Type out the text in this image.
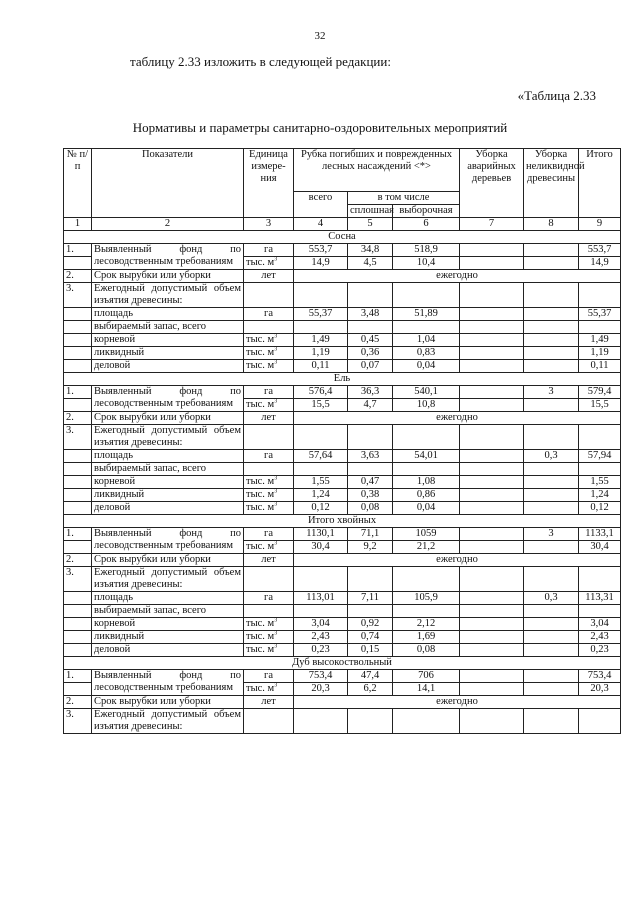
32
таблицу 2.33 изложить в следующей редакции:
«Таблица 2.33
Нормативы и параметры санитарно-оздоровительных мероприятий
№ п/п	Показатели	Единица измере-ния	Рубка погибших и поврежденных лесных насаждений <*>			Уборка аварийных деревьев	Уборка неликвидной древесины	Итого
			всего	в том числе				
				сплошная	выборочная			
1	2	3	4	5	6	7	8	9
Сосна								
1.	Выявленный фонд по лесоводственным требованиям	га	553,7	34,8	518,9			553,7
		тыс. $м^3$	14,9	4,5	10,4			14,9
2.	Срок вырубки или уборки	лет	ежегодно					
3.	Ежегодный допустимый объем изъятия древесины:							
	площадь	га	55,37	3,48	51,89			55,37
	выбираемый запас, всего							
	корневой	тыс. $м^3$	1,49	0,45	1,04			1,49
	ликвидный	тыс. $м^3$	1,19	0,36	0,83			1,19
	деловой	тыс. $м^3$	0,11	0,07	0,04			0,11
Ель								
1.	Выявленный фонд по лесоводственным требованиям	га	576,4	36,3	540,1		3	579,4
		тыс. $м^3$	15,5	4,7	10,8			15,5
2.	Срок вырубки или уборки	лет	ежегодно					
3.	Ежегодный допустимый объем изъятия древесины:							
	площадь	га	57,64	3,63	54,01		0,3	57,94
	выбираемый запас, всего							
	корневой	тыс. $м^3$	1,55	0,47	1,08			1,55
	ликвидный	тыс. $м^3$	1,24	0,38	0,86			1,24
	деловой	тыс. $м^3$	0,12	0,08	0,04			0,12
Итого хвойных								
1.	Выявленный фонд по лесоводственным требованиям	га	1130,1	71,1	1059		3	1133,1
		тыс. $м^3$	30,4	9,2	21,2			30,4
2.	Срок вырубки или уборки	лет	ежегодно					
3.	Ежегодный допустимый объем изъятия древесины:							
	площадь	га	113,01	7,11	105,9		0,3	113,31
	выбираемый запас, всего							
	корневой	тыс. $м^3$	3,04	0,92	2,12			3,04
	ликвидный	тыс. $м^3$	2,43	0,74	1,69			2,43
	деловой	тыс. $м^3$	0,23	0,15	0,08			0,23
Дуб высокоствольный								
1.	Выявленный фонд по лесоводственным требованиям	га	753,4	47,4	706			753,4
		тыс. $м^3$	20,3	6,2	14,1			20,3
2.	Срок вырубки или уборки	лет	ежегодно					
3.	Ежегодный допустимый объем изъятия древесины:							
